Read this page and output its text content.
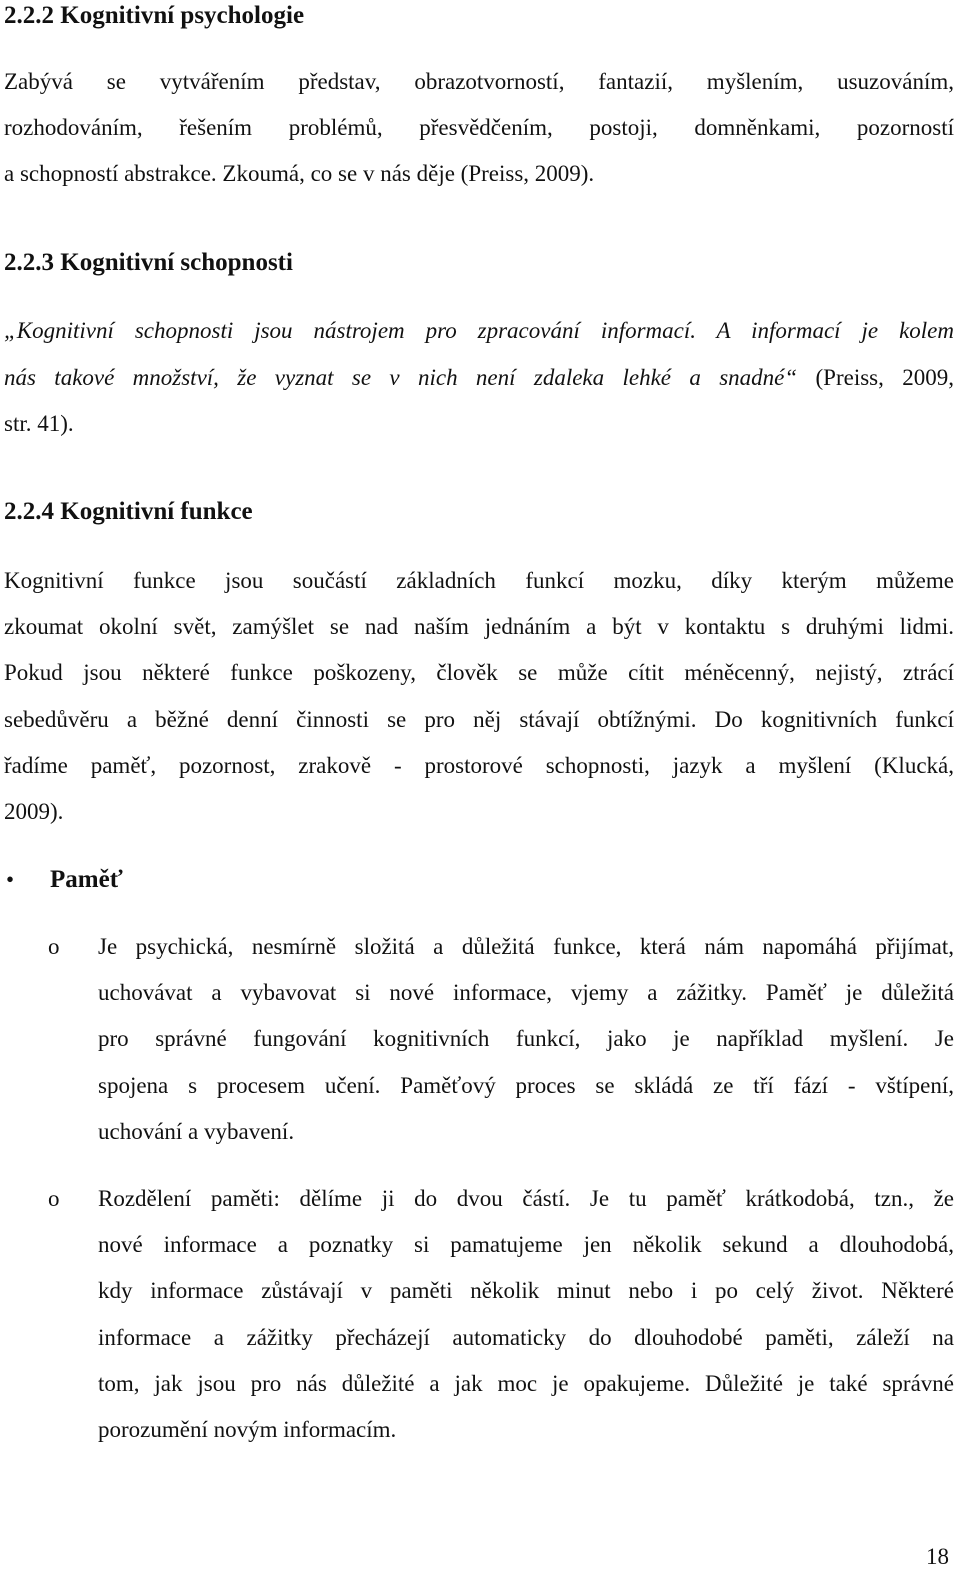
2.2.2 Kognitivní psychologie
Zabývá se vytvářením představ, obrazotvorností, fantazií, myšlením, usuzováním,
rozhodováním, řešením problémů, přesvědčením, postoji, domněnkami, pozorností
a schopností abstrakce. Zkoumá, co se v nás děje (Preiss, 2009).
2.2.3 Kognitivní schopnosti
„Kognitivní schopnosti jsou nástrojem pro zpracování informací. A informací je kolem
nás takové množství, že vyznat se v nich není zdaleka lehké a snadné“ (Preiss, 2009,
str. 41).
2.2.4 Kognitivní funkce
Kognitivní funkce jsou součástí základních funkcí mozku, díky kterým můžeme
zkoumat okolní svět, zamýšlet se nad naším jednáním a být v kontaktu s druhými lidmi.
Pokud jsou některé funkce poškozeny, člověk se může cítit méněcenný, nejistý, ztrácí
sebedůvěru a běžné denní činnosti se pro něj stávají obtížnými. Do kognitivních funkcí
řadíme paměť, pozornost, zrakově - prostorové schopnosti, jazyk a myšlení (Klucká,
2009).
• Paměť
o Je psychická, nesmírně složitá a důležitá funkce, která nám napomáhá přijímat,
uchovávat a vybavovat si nové informace, vjemy a zážitky. Paměť je důležitá
pro správné fungování kognitivních funkcí, jako je například myšlení. Je
spojena s procesem učení. Paměťový proces se skládá ze tří fází - vštípení,
uchování a vybavení.
o Rozdělení paměti: dělíme ji do dvou částí. Je tu paměť krátkodobá, tzn., že
nové informace a poznatky si pamatujeme jen několik sekund a dlouhodobá,
kdy informace zůstávají v paměti několik minut nebo i po celý život. Některé
informace a zážitky přecházejí automaticky do dlouhodobé paměti, záleží na
tom, jak jsou pro nás důležité a jak moc je opakujeme. Důležité je také správné
porozumění novým informacím.
18
